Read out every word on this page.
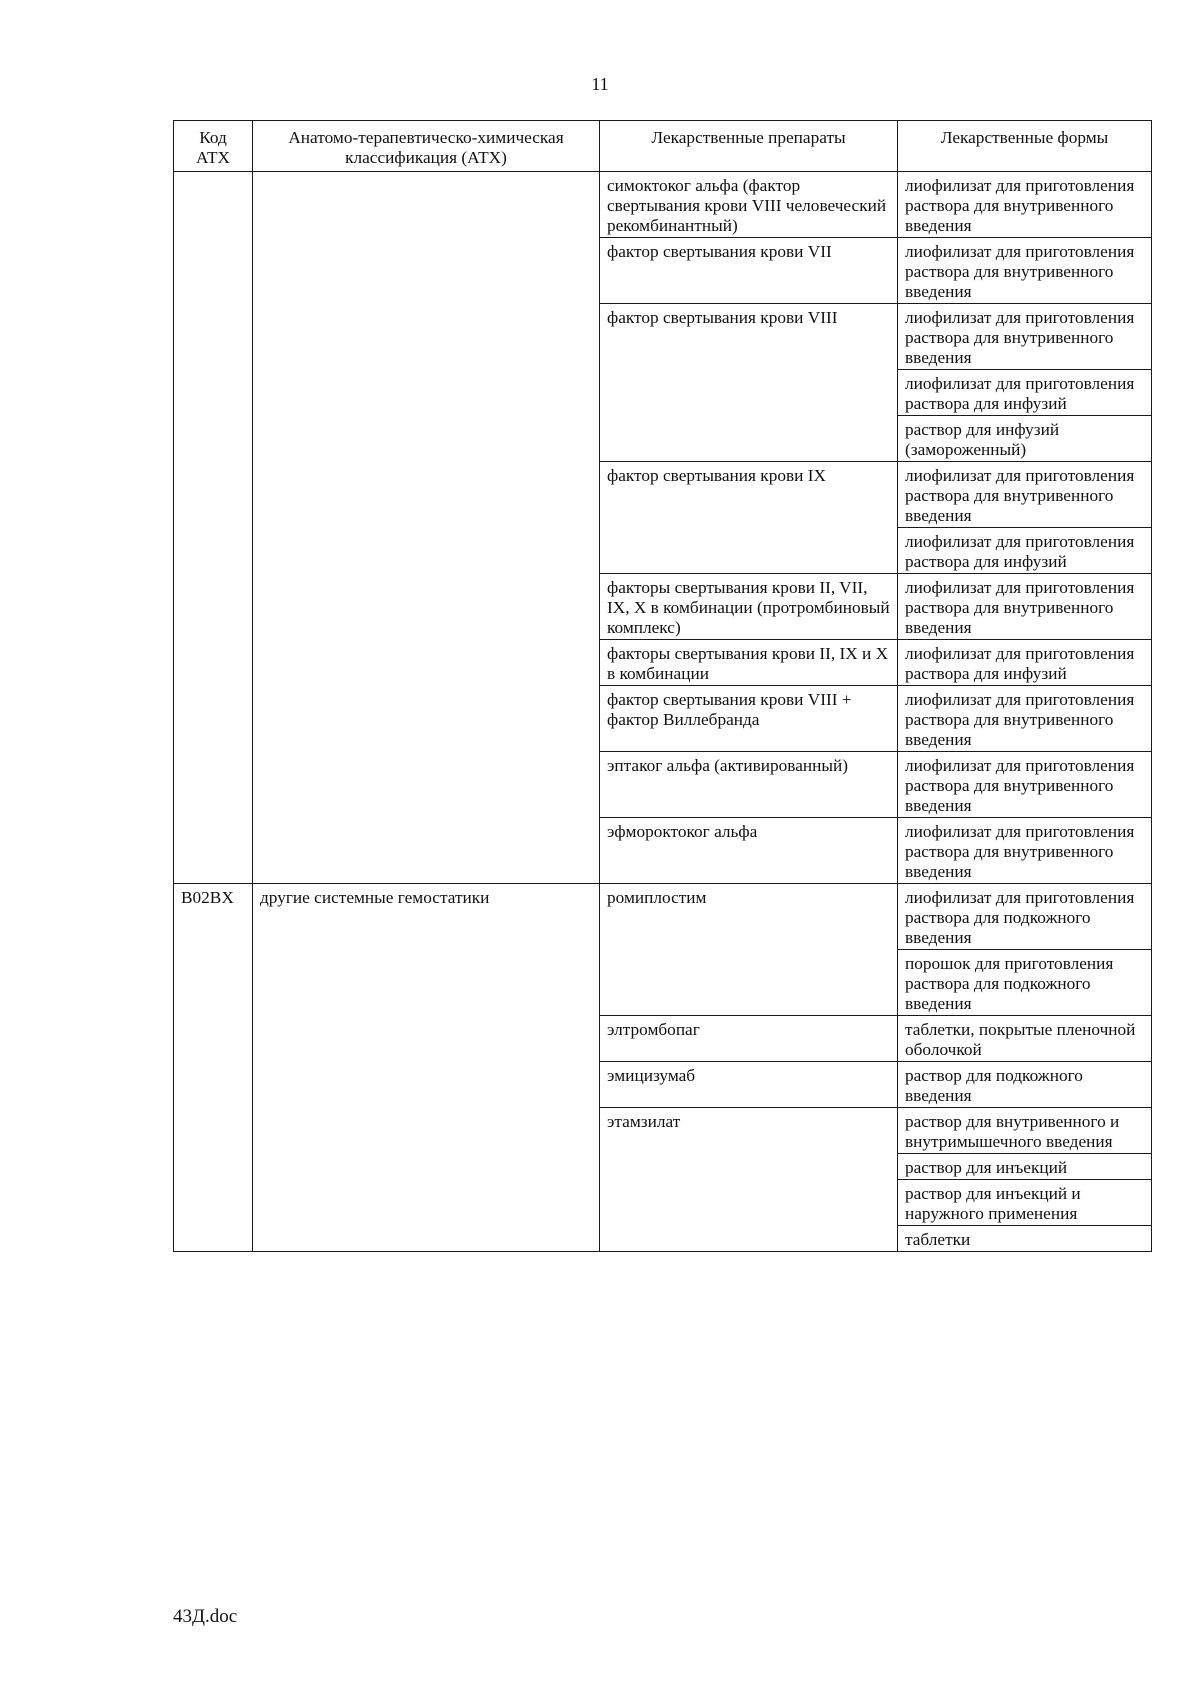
11
Код АТХ	Анатомо-терапевтическо-химическая классификация (АТХ)	Лекарственные препараты	Лекарственные формы
		симоктоког альфа (фактор свертывания крови VIII человеческий рекомбинантный)	лиофилизат для приготовления раствора для внутривенного введения
		фактор свертывания крови VII	лиофилизат для приготовления раствора для внутривенного введения
		фактор свертывания крови VIII	лиофилизат для приготовления раствора для внутривенного введения
			лиофилизат для приготовления раствора для инфузий
			раствор для инфузий (замороженный)
		фактор свертывания крови IX	лиофилизат для приготовления раствора для внутривенного введения
			лиофилизат для приготовления раствора для инфузий
		факторы свертывания крови II, VII, IX, X в комбинации (протромбиновый комплекс)	лиофилизат для приготовления раствора для внутривенного введения
		факторы свертывания крови II, IX и X в комбинации	лиофилизат для приготовления раствора для инфузий
		фактор свертывания крови VIII + фактор Виллебранда	лиофилизат для приготовления раствора для внутривенного введения
		эптаког альфа (активированный)	лиофилизат для приготовления раствора для внутривенного введения
		эфмороктоког альфа	лиофилизат для приготовления раствора для внутривенного введения
B02BX	другие системные гемостатики	ромиплостим	лиофилизат для приготовления раствора для подкожного введения
			порошок для приготовления раствора для подкожного введения
		элтромбопаг	таблетки, покрытые пленочной оболочкой
		эмицизумаб	раствор для подкожного введения
		этамзилат	раствор для внутривенного и внутримышечного введения
			раствор для инъекций
			раствор для инъекций и наружного применения
			таблетки
43Д.doc
